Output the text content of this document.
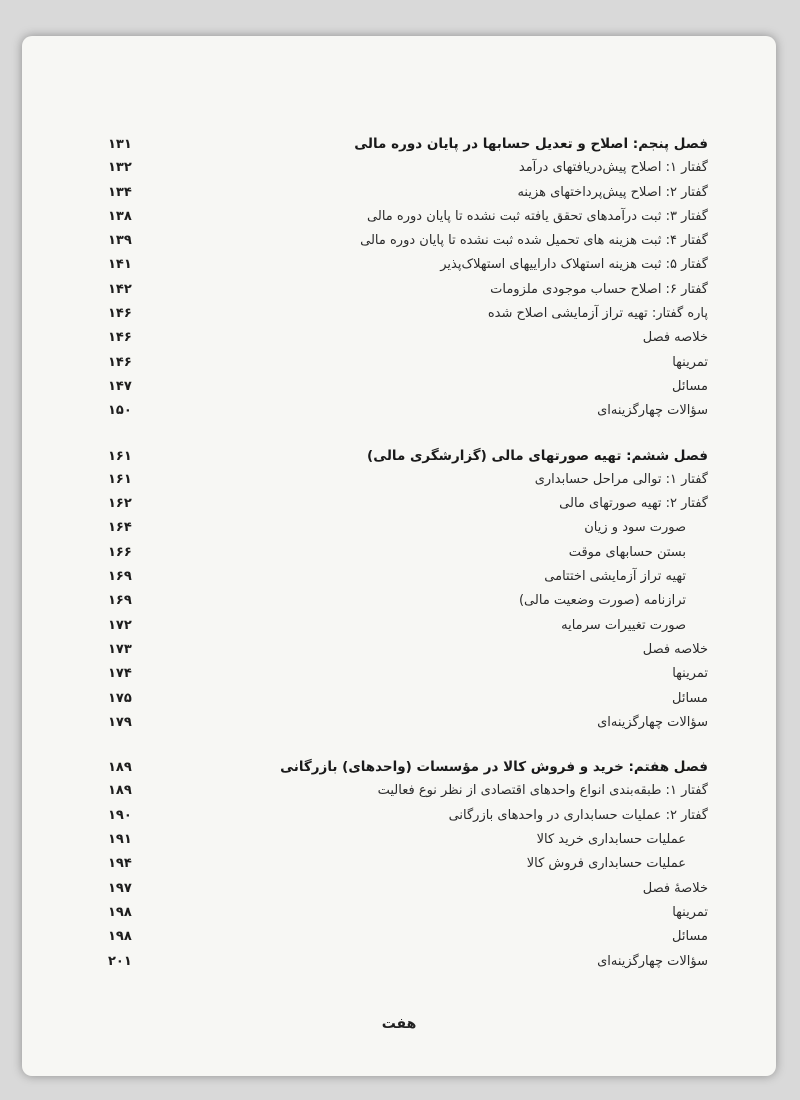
فصل پنجم: اصلاح و تعدیل حسابها در پایان دوره مالی
۱۳۱
گفتار ۱: اصلاح پیش‌دریافتهای درآمد
۱۳۲
گفتار ۲: اصلاح پیش‌پرداختهای هزینه
۱۳۴
گفتار ۳: ثبت درآمدهای تحقق یافته ثبت نشده تا پایان دوره مالی
۱۳۸
گفتار ۴: ثبت هزینه های تحمیل شده ثبت نشده تا پایان دوره مالی
۱۳۹
گفتار ۵: ثبت هزینه استهلاک داراییهای استهلاک‌پذیر
۱۴۱
گفتار ۶: اصلاح حساب موجودی ملزومات
۱۴۲
پاره گفتار: تهیه تراز آزمایشی اصلاح شده
۱۴۶
خلاصه فصل
۱۴۶
تمرینها
۱۴۶
مسائل
۱۴۷
سؤالات چهارگزینه‌ای
۱۵۰
فصل ششم: تهیه صورتهای مالی (گزارشگری مالی)
۱۶۱
گفتار ۱: توالی مراحل حسابداری
۱۶۱
گفتار ۲: تهیه صورتهای مالی
۱۶۲
صورت سود و زیان
۱۶۴
بستن حسابهای موقت
۱۶۶
تهیه تراز آزمایشی اختتامی
۱۶۹
ترازنامه (صورت وضعیت مالی)
۱۶۹
صورت تغییرات سرمایه
۱۷۲
خلاصه فصل
۱۷۳
تمرینها
۱۷۴
مسائل
۱۷۵
سؤالات چهارگزینه‌ای
۱۷۹
فصل هفتم: خرید و فروش کالا در مؤسسات (واحدهای) بازرگانی
۱۸۹
گفتار ۱: طبقه‌بندی انواع واحدهای اقتصادی از نظر نوع فعالیت
۱۸۹
گفتار ۲: عملیات حسابداری در واحدهای بازرگانی
۱۹۰
عملیات حسابداری خرید کالا
۱۹۱
عملیات حسابداری فروش کالا
۱۹۴
خلاصهٔ فصل
۱۹۷
تمرینها
۱۹۸
مسائل
۱۹۸
سؤالات چهارگزینه‌ای
۲۰۱
هفت
